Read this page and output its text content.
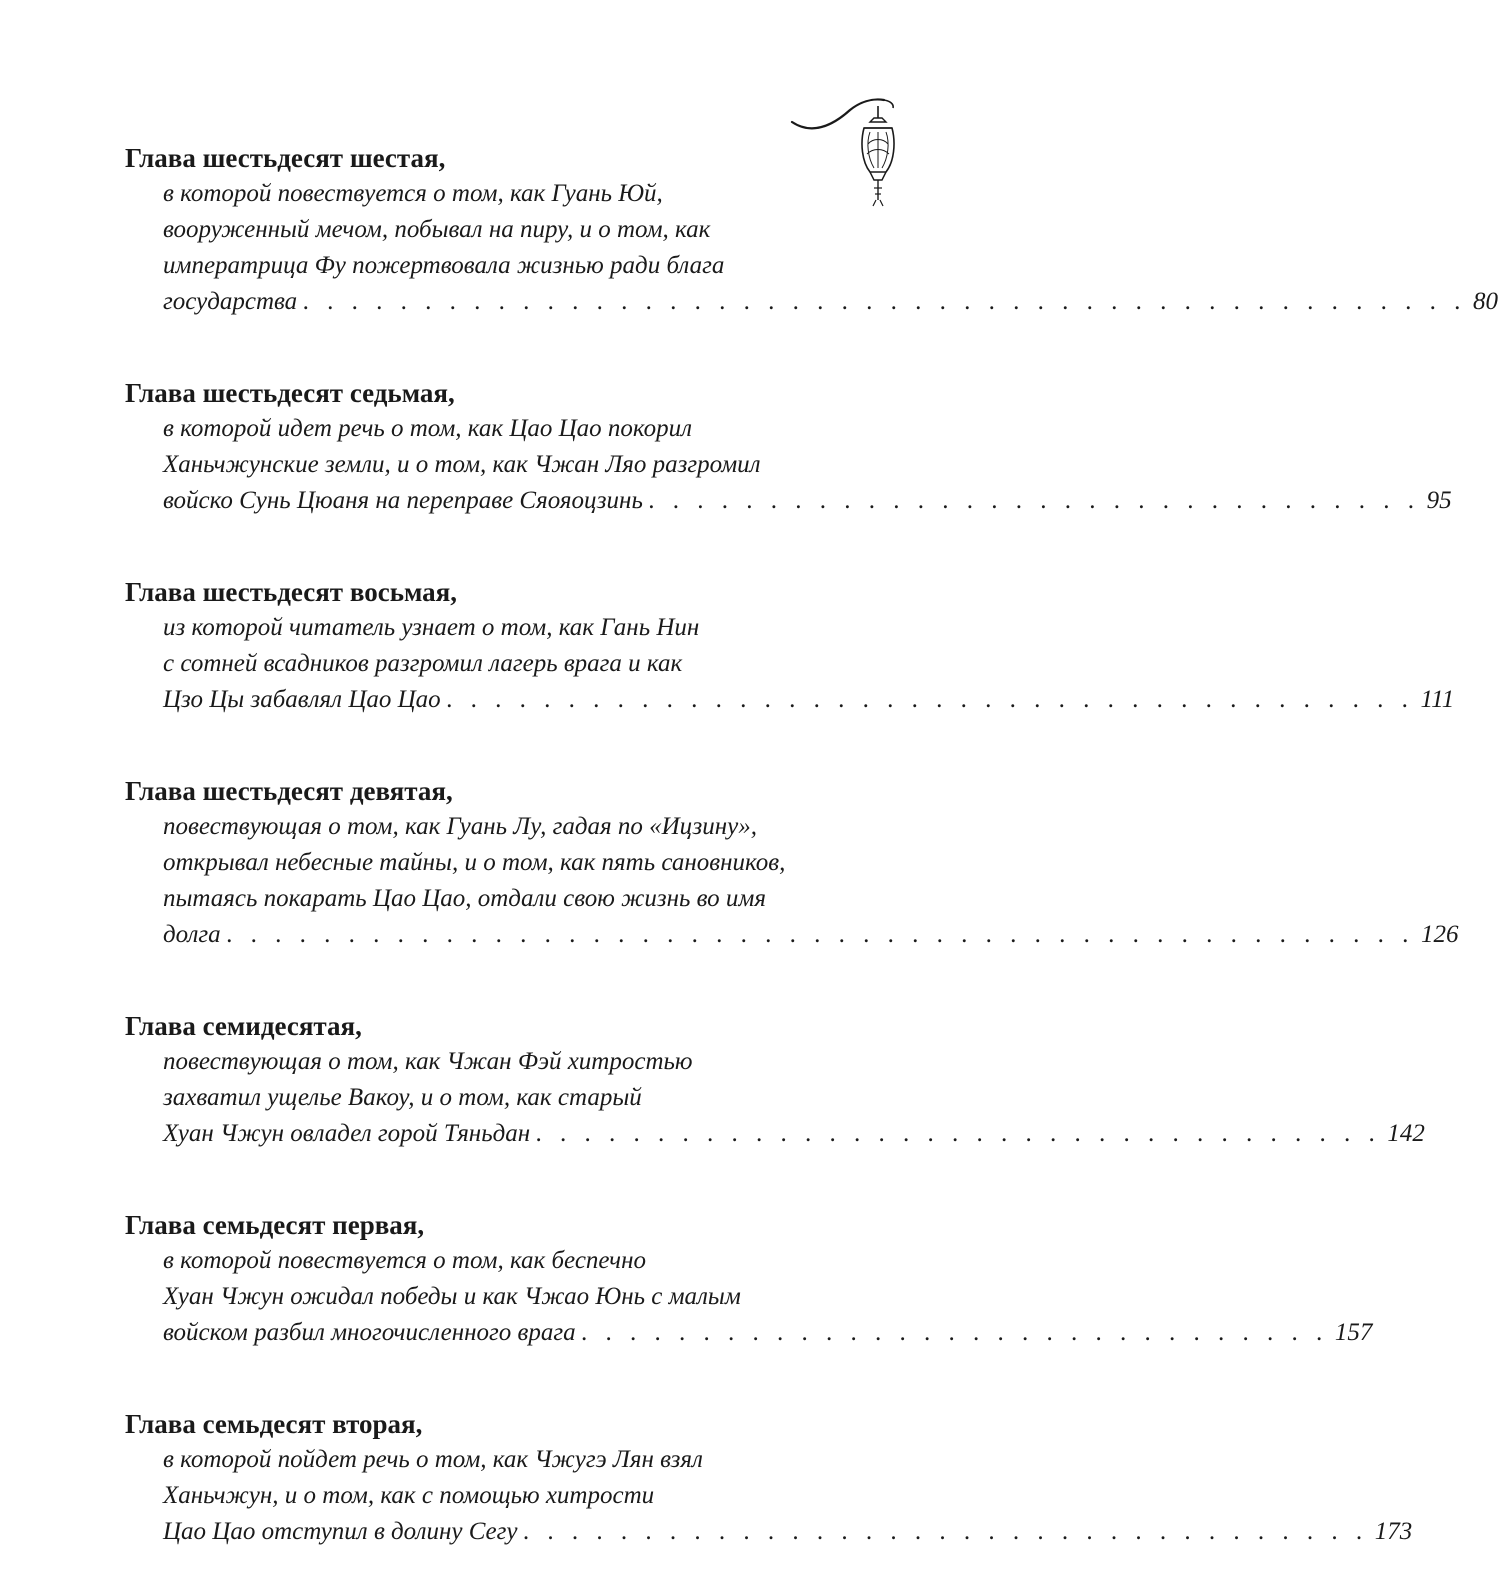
Глава шестьдесят шестая,
в которой повествуется о том, как Гуань Юй,
вооруженный мечом, побывал на пиру, и о том, как
императрица Фу пожертвовала жизнью ради блага
государства . . . . . . . . . . . . . . . . . . . . . . . . . . . . . . . . . . . . . . . . . . . . . . . . 80
Глава шестьдесят седьмая,
в которой идет речь о том, как Цао Цао покорил
Ханьчжунские земли, и о том, как Чжан Ляо разгромил
войско Сунь Цюаня на переправе Сяояоцзинь . . . . . . . . . . . . . . . . . . . . . . . . . . . . . . . . 95
Глава шестьдесят восьмая,
из которой читатель узнает о том, как Гань Нин
с сотней всадников разгромил лагерь врага и как
Цзо Цы забавлял Цао Цао . . . . . . . . . . . . . . . . . . . . . . . . . . . . . . . . . . . . . . . . 111
Глава шестьдесят девятая,
повествующая о том, как Гуань Лу, гадая по «Ицзину»,
открывал небесные тайны, и о том, как пять сановников,
пытаясь покарать Цао Цао, отдали свою жизнь во имя
долга . . . . . . . . . . . . . . . . . . . . . . . . . . . . . . . . . . . . . . . . . . . . . . . . . 126
Глава семидесятая,
повествующая о том, как Чжан Фэй хитростью
захватил ущелье Вакоу, и о том, как старый
Хуан Чжун овладел горой Тяньдан . . . . . . . . . . . . . . . . . . . . . . . . . . . . . . . . . . . 142
Глава семьдесят первая,
в которой повествуется о том, как беспечно
Хуан Чжун ожидал победы и как Чжао Юнь с малым
войском разбил многочисленного врага . . . . . . . . . . . . . . . . . . . . . . . . . . . . . . . 157
Глава семьдесят вторая,
в которой пойдет речь о том, как Чжугэ Лян взял
Ханьчжун, и о том, как с помощью хитрости
Цао Цао отступил в долину Сегу . . . . . . . . . . . . . . . . . . . . . . . . . . . . . . . . . . . 173
